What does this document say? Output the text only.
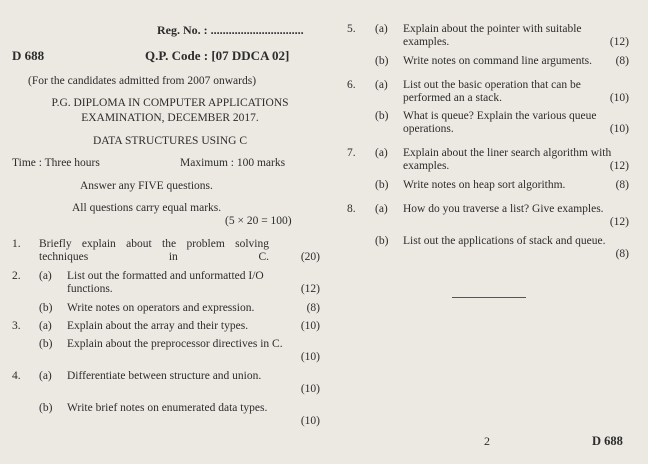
Reg. No. : ...............................
D 688	Q.P. Code : [07 DDCA 02]
(For the candidates admitted from 2007 onwards)
P.G. DIPLOMA IN COMPUTER APPLICATIONS
EXAMINATION, DECEMBER 2017.
DATA STRUCTURES USING C
Time : Three hours	Maximum : 100 marks
Answer any FIVE questions.
All questions carry equal marks.
(5 × 20 = 100)
1. Briefly explain about the problem solving techniques in C.	(20)
2. (a) List out the formatted and unformatted I/O functions.	(12)
(b) Write notes on operators and expression.	(8)
3. (a) Explain about the array and their types.	(10)
(b) Explain about the preprocessor directives in C.
(10)
4. (a) Differentiate between structure and union.
(10)
(b) Write brief notes on enumerated data types.
(10)
5. (a) Explain about the pointer with suitable examples.	(12)
(b) Write notes on command line arguments. (8)
6. (a) List out the basic operation that can be performed an a stack.	(10)
(b) What is queue? Explain the various queue operations.	(10)
7. (a) Explain about the liner search algorithm with examples.	(12)
(b) Write notes on heap sort algorithm.	(8)
8. (a) How do you traverse a list? Give examples.
(12)
(b) List out the applications of stack and queue.
(8)
2	D 688
